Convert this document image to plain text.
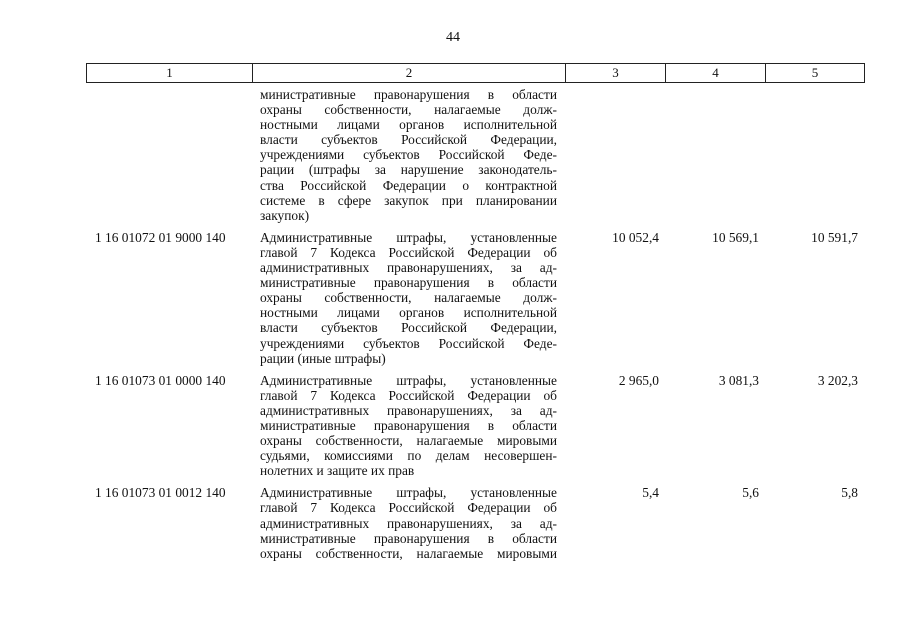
44
1	2	3	4	5
министративные правонарушения в области
охраны собственности, налагаемые долж-
ностными лицами органов исполнительной
власти субъектов Российской Федерации,
учреждениями субъектов Российской Феде-
рации (штрафы за нарушение законодатель-
ства Российской Федерации о контрактной
системе в сфере закупок при планировании
закупок)
1 16 01072 01 9000 140	Административные штрафы, установленные
главой 7 Кодекса Российской Федерации об
административных правонарушениях, за ад-
министративные правонарушения в области
охраны собственности, налагаемые долж-
ностными лицами органов исполнительной
власти субъектов Российской Федерации,
учреждениями субъектов Российской Феде-
рации (иные штрафы)
10 052,4	10 569,1	10 591,7
1 16 01073 01 0000 140	Административные штрафы, установленные
главой 7 Кодекса Российской Федерации об
административных правонарушениях, за ад-
министративные правонарушения в области
охраны собственности, налагаемые мировыми
судьями, комиссиями по делам несовершен-
нолетних и защите их прав
2 965,0	3 081,3	3 202,3
1 16 01073 01 0012 140	Административные штрафы, установленные
главой 7 Кодекса Российской Федерации об
административных правонарушениях, за ад-
министративные правонарушения в области
охраны собственности, налагаемые мировыми
5,4	5,6	5,8
